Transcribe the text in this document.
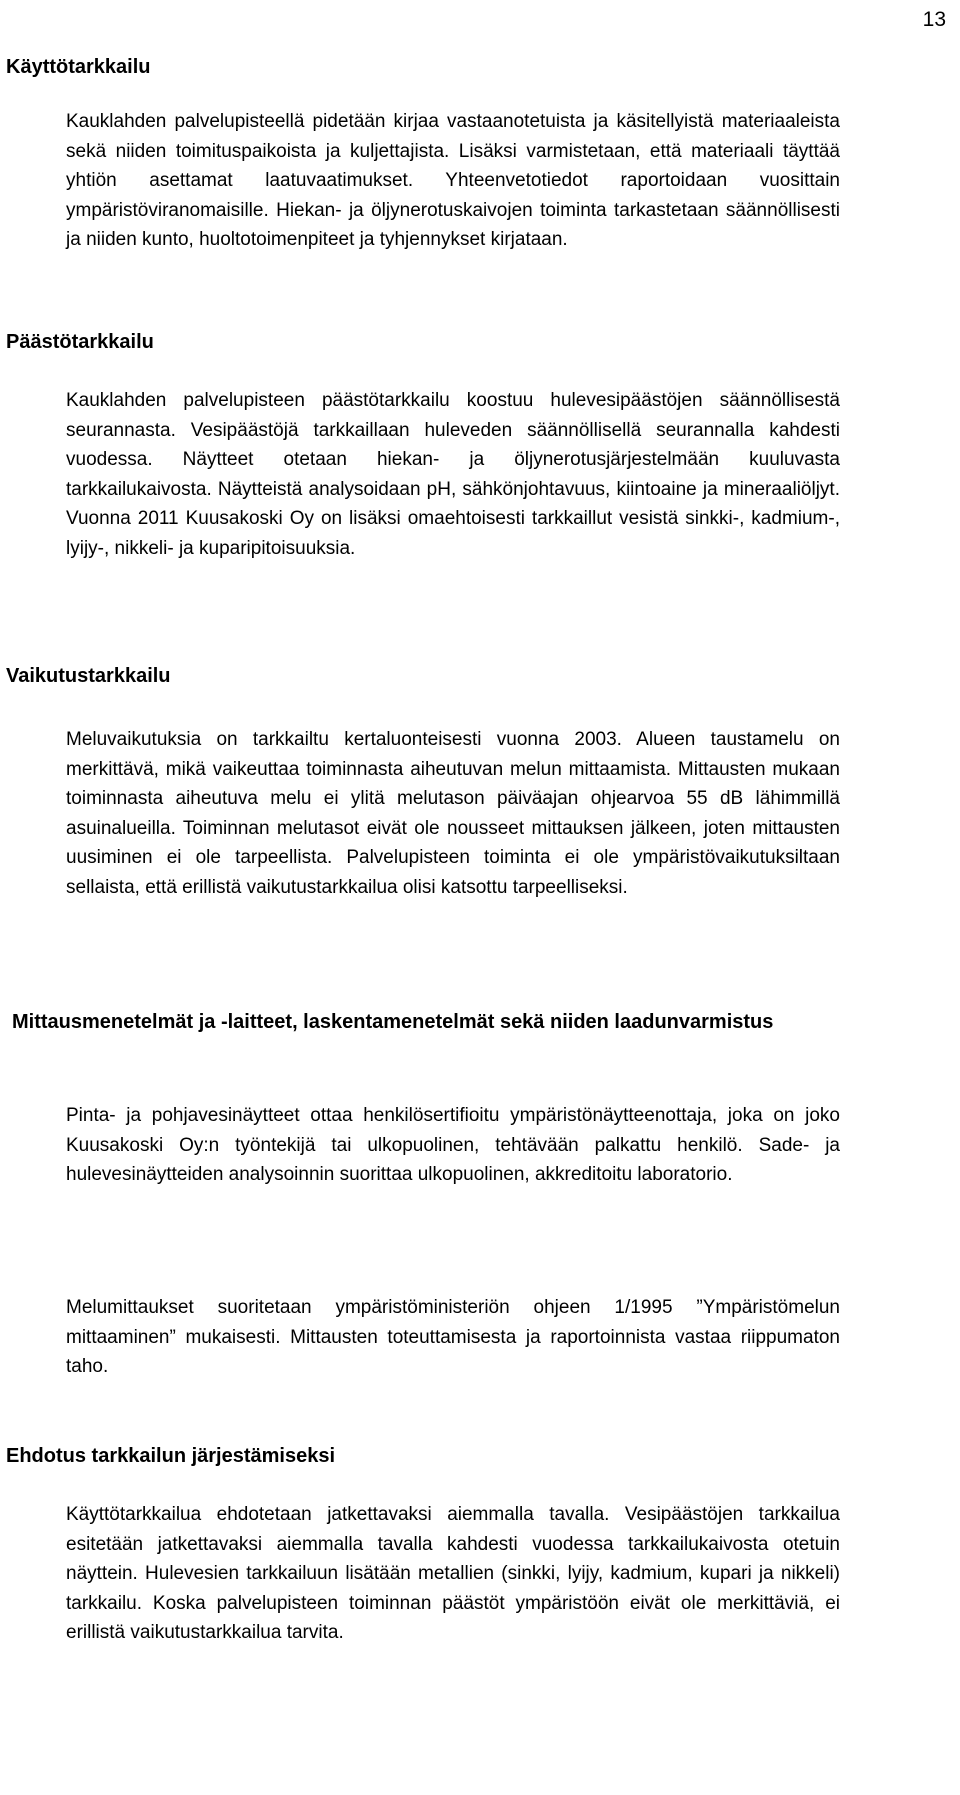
13
Käyttötarkkailu

Kauklahden palvelupisteellä pidetään kirjaa vastaanotetuista ja käsitellyistä materiaaleista sekä niiden toimituspaikoista ja kuljettajista. Lisäksi varmistetaan, että materiaali täyttää yhtiön asettamat laatuvaatimukset. Yhteenvetotiedot raportoidaan vuosittain ympäristöviranomaisille. Hiekan- ja öljynerotuskaivojen toiminta tarkastetaan säännöllisesti ja niiden kunto, huoltotoimenpiteet ja tyhjennykset kirjataan.

Päästötarkkailu

Kauklahden palvelupisteen päästötarkkailu koostuu hulevesipäästöjen säännöllisestä seurannasta. Vesipäästöjä tarkkaillaan huleveden säännöllisellä seurannalla kahdesti vuodessa. Näytteet otetaan hiekan- ja öljynerotusjärjestelmään kuuluvasta tarkkailukaivosta. Näytteistä analysoidaan pH, sähkönjohtavuus, kiintoaine ja mineraaliöljyt. Vuonna 2011 Kuusakoski Oy on lisäksi omaehtoisesti tarkkaillut vesistä sinkki-, kadmium-, lyijy-, nikkeli- ja kuparipitoisuuksia.

Vaikutustarkkailu

Meluvaikutuksia on tarkkailtu kertaluonteisesti vuonna 2003. Alueen taustamelu on merkittävä, mikä vaikeuttaa toiminnasta aiheutuvan melun mittaamista. Mittausten mukaan toiminnasta aiheutuva melu ei ylitä melutason päiväajan ohjearvoa 55 dB lähimmillä asuinalueilla. Toiminnan melutasot eivät ole nousseet mittauksen jälkeen, joten mittausten uusiminen ei ole tarpeellista. Palvelupisteen toiminta ei ole ympäristövaikutuksiltaan sellaista, että erillistä vaikutustarkkailua olisi katsottu tarpeelliseksi.

Mittausmenetelmät ja -laitteet, laskentamenetelmät sekä niiden laadunvarmistus

Pinta- ja pohjavesinäytteet ottaa henkilösertifioitu ympäristönäytteenottaja, joka on joko Kuusakoski Oy:n työntekijä tai ulkopuolinen, tehtävään palkattu henkilö. Sade- ja hulevesinäytteiden analysoinnin suorittaa ulkopuolinen, akkreditoitu laboratorio.

Melumittaukset suoritetaan ympäristöministeriön ohjeen 1/1995 ”Ympäristömelun mittaaminen” mukaisesti. Mittausten toteuttamisesta ja raportoinnista vastaa riippumaton taho.

Ehdotus tarkkailun järjestämiseksi

Käyttötarkkailua ehdotetaan jatkettavaksi aiemmalla tavalla. Vesipäästöjen tarkkailua esitetään jatkettavaksi aiemmalla tavalla kahdesti vuodessa tarkkailukaivosta otetuin näyttein. Hulevesien tarkkailuun lisätään metallien (sinkki, lyijy, kadmium, kupari ja nikkeli) tarkkailu. Koska palvelupisteen toiminnan päästöt ympäristöön eivät ole merkittäviä, ei erillistä vaikutustarkkailua tarvita.
